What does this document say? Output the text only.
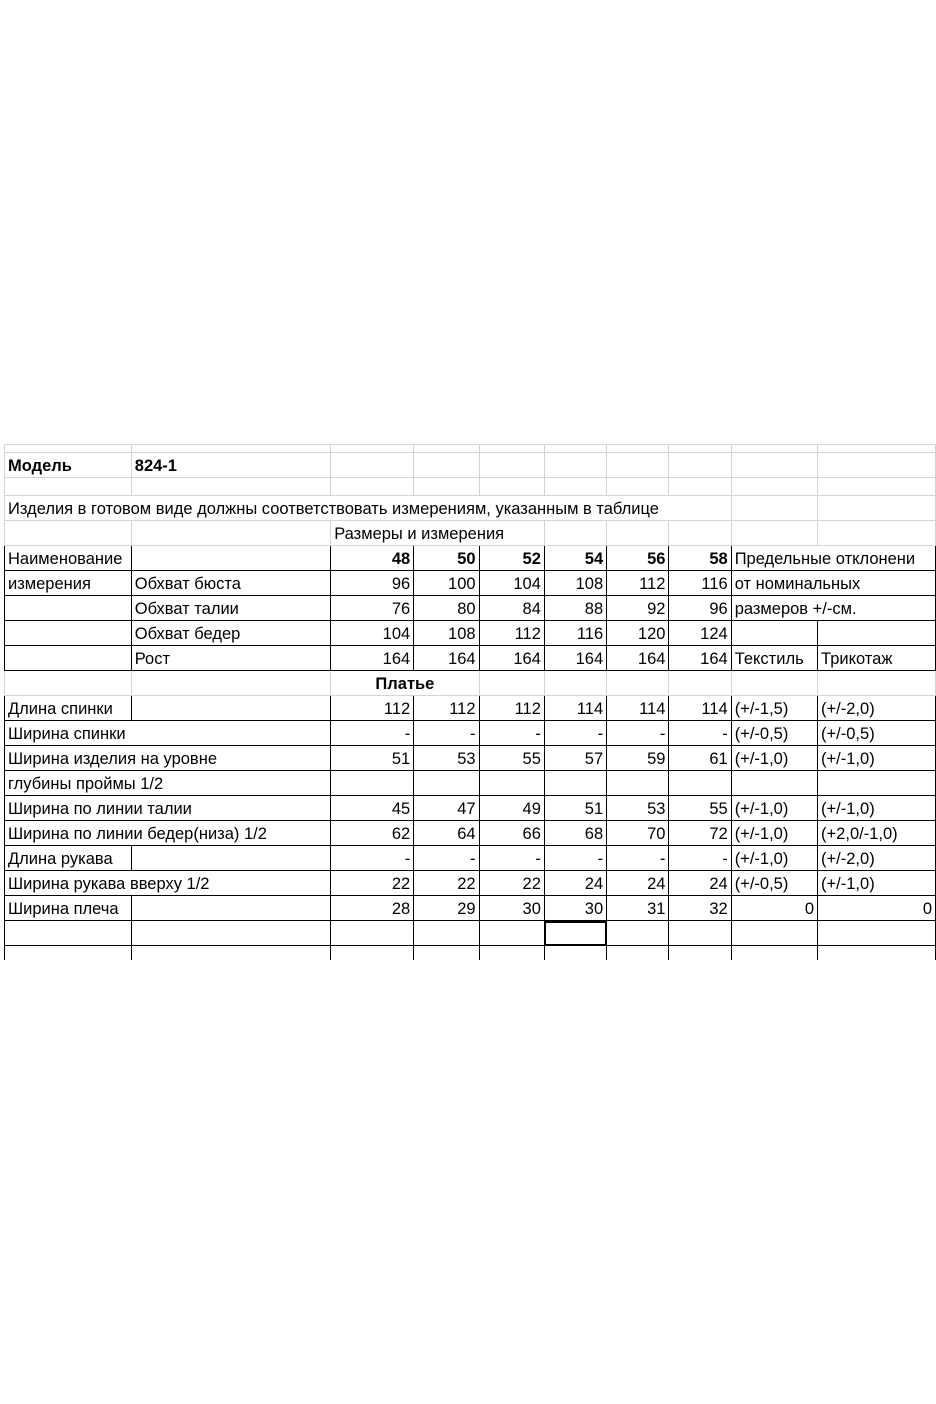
Модель	824-1								

Изделия в готовом виде должны соответствовать измерениям, указанным в таблице									

		Размеры и измерения							

Наименование		48	50	52	54	56	58	Предельные отклонени	

измерения	Обхват бюста	96	100	104	108	112	116	от номинальных	

	Обхват талии	76	80	84	88	92	96	размеров +/-см.	

	Обхват бедер	104	108	112	116	120	124		

	Рост	164	164	164	164	164	164	Текстиль	Трикотаж

		Платье							

Длина спинки		112	112	112	114	114	114	(+/-1,5)	(+/-2,0)

Ширина спинки		-	-	-	-	-	-	(+/-0,5)	(+/-0,5)

Ширина изделия на уровне		51	53	55	57	59	61	(+/-1,0)	(+/-1,0)

глубины проймы 1/2									

Ширина по линии талии		45	47	49	51	53	55	(+/-1,0)	(+/-1,0)

Ширина по линии бедер(низа) 1/2		62	64	66	68	70	72	(+/-1,0)	(+2,0/-1,0)

Длина рукава		-	-	-	-	-	-	(+/-1,0)	(+/-2,0)

Ширина рукава вверху 1/2		22	22	22	24	24	24	(+/-0,5)	(+/-1,0)

Ширина плеча		28	29	30	30	31	32	0	0
